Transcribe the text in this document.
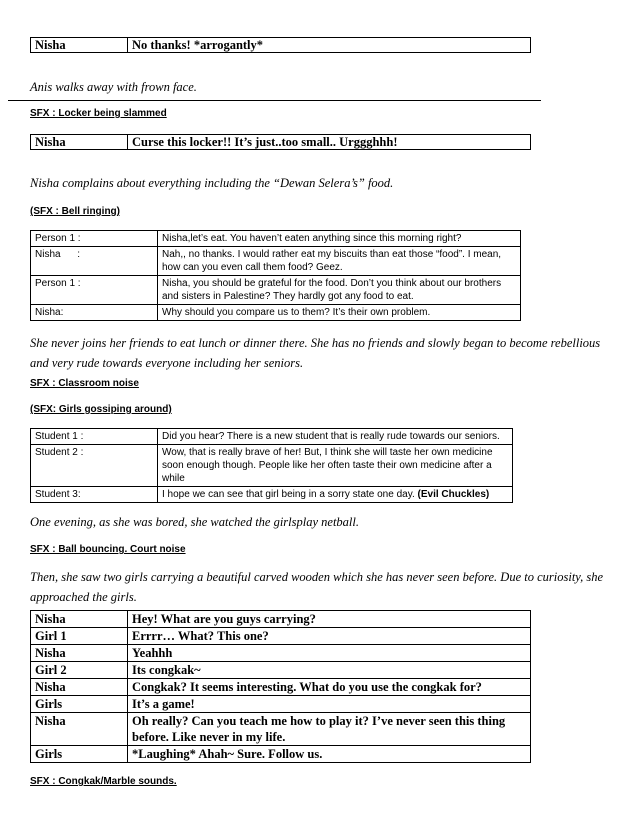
Nisha	No thanks! *arrogantly*
Anis walks away with frown face.
SFX : Locker being slammed
Nisha	Curse this locker!! It’s just..too small.. Urggghhh!
Nisha complains about everything including the “Dewan Selera’s” food.
(SFX : Bell ringing)
Person 1 :	Nisha,let’s eat. You haven’t eaten anything since this morning right?
Nisha      :	Nah,, no thanks. I would rather eat my biscuits than eat those “food”. I mean, how can you even call them food? Geez.
Person 1 :	Nisha, you should be grateful for the food. Don’t you think about our brothers and sisters in Palestine? They hardly got any food to eat.
Nisha:	Why should you compare us to them? It’s their own problem.
She never joins her friends to eat lunch or dinner there. She has no friends and slowly began to become rebellious and very rude towards everyone including her seniors.
SFX : Classroom noise
(SFX: Girls gossiping around)
Student 1 :	Did you hear? There is a new student that is really rude towards our seniors.
Student 2 :	Wow, that is really brave of her! But, I think she will taste her own medicine soon enough though. People like her often taste their own medicine after a while
Student 3:	I hope we can see that girl being in a sorry state one day. (Evil Chuckles)
One evening, as she was bored, she watched the girlsplay netball.
SFX : Ball bouncing. Court noise
Then, she saw two girls carrying a beautiful carved wooden which she has never seen before. Due to curiosity, she approached the girls.
Nisha	Hey! What are you guys carrying?
Girl 1	Errrr… What? This one?
Nisha	Yeahhh
Girl 2	Its congkak~
Nisha	Congkak? It seems interesting. What do you use the congkak for?
Girls	It’s a game!
Nisha	Oh really? Can you teach me how to play it? I’ve never seen this thing before. Like never in my life.
Girls	*Laughing* Ahah~ Sure. Follow us.
SFX : Congkak/Marble sounds.
